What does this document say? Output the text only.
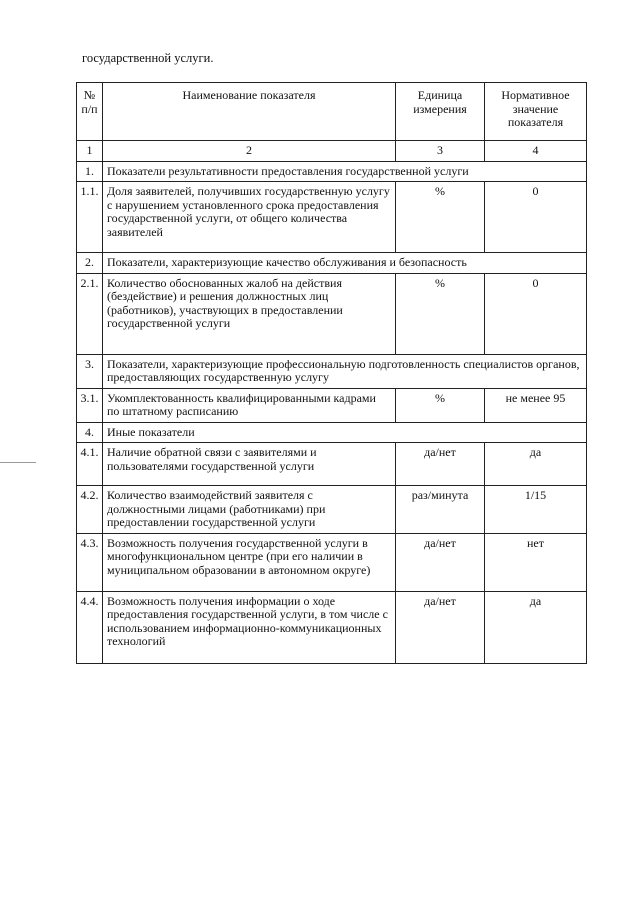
государственной услуги.

№ п/п	Наименование показателя	Единица измерения	Нормативное значение показателя
1	2	3	4
1.	Показатели результативности предоставления государственной услуги		
1.1.	Доля заявителей, получивших государственную услугу с нарушением установленного срока предоставления государственной услуги, от общего количества заявителей	%	0
2.	Показатели, характеризующие качество обслуживания и безопасность		
2.1.	Количество обоснованных жалоб на действия (бездействие) и решения должностных лиц (работников), участвующих в предоставлении государственной услуги	%	0
3.	Показатели, характеризующие профессиональную подготовленность специалистов органов, предоставляющих государственную услугу		
3.1.	Укомплектованность квалифицированными кадрами по штатному расписанию	%	не менее 95
4.	Иные показатели		
4.1.	Наличие обратной связи с заявителями и пользователями государственной услуги	да/нет	да
4.2.	Количество взаимодействий заявителя с должностными лицами (работниками) при предоставлении государственной услуги	раз/минута	1/15
4.3.	Возможность получения государственной услуги в многофункциональном центре (при его наличии в муниципальном образовании в автономном округе)	да/нет	нет
4.4.	Возможность получения информации о ходе предоставления государственной услуги, в том числе с использованием информационно-коммуникационных технологий	да/нет	да
